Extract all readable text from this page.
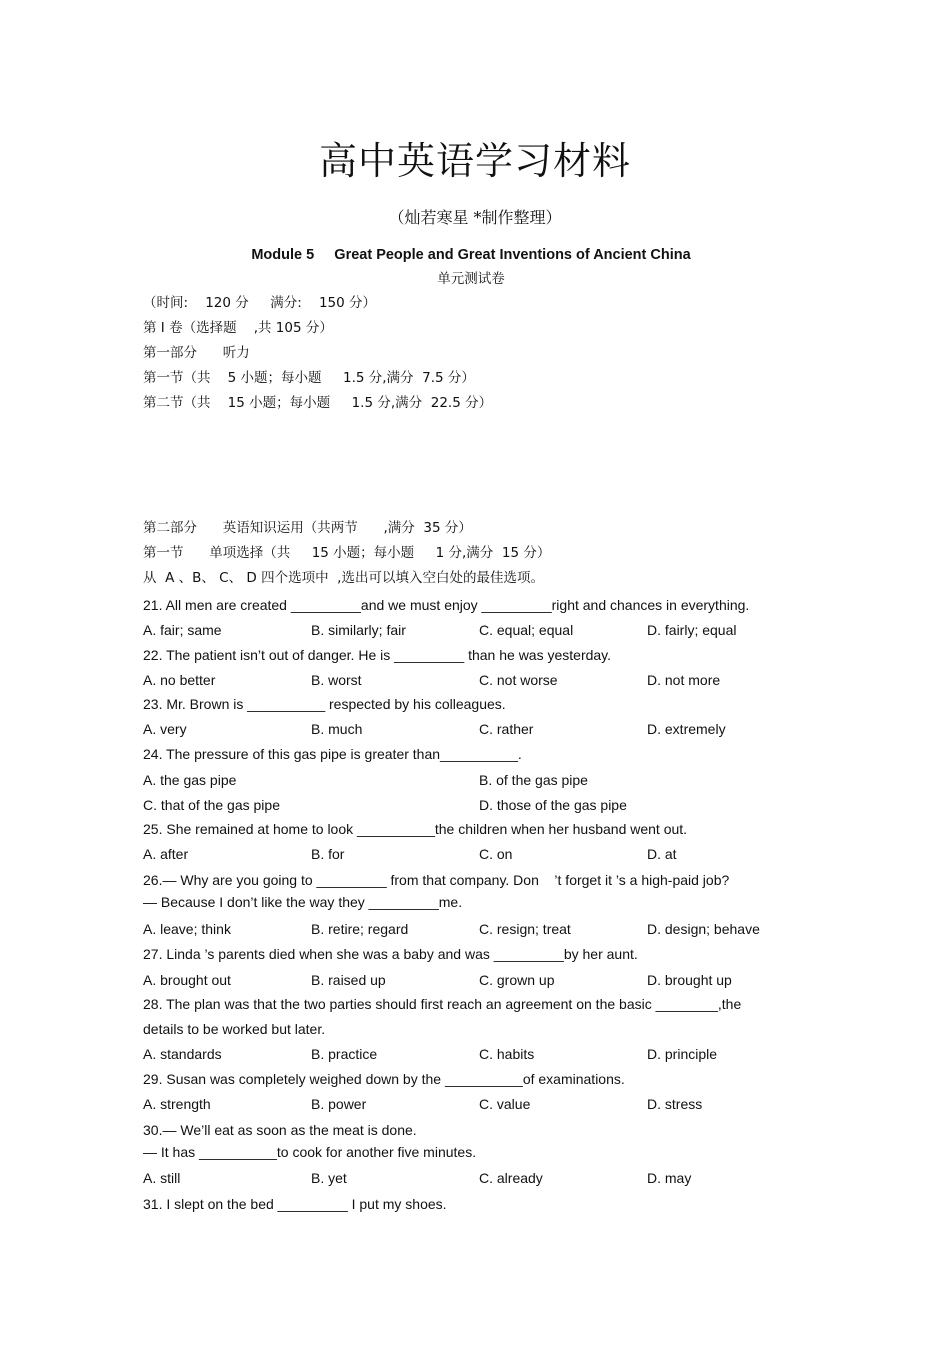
高中英语学习材料
（灿若寒星 *制作整理）
Module 5     Great People and Great Inventions of Ancient China
单元测试卷
（时间:    120 分     满分:    150 分）
第 I 卷（选择题    ,共 105 分）
第一部分      听力
第一节（共    5 小题；每小题     1.5 分,满分  7.5 分）
第二节（共    15 小题；每小题     1.5 分,满分  22.5 分）
第二部分      英语知识运用（共两节      ,满分  35 分）
第一节      单项选择（共     15 小题；每小题     1 分,满分  15 分）
从  A 、B、 C、 D 四个选项中  ,选出可以填入空白处的最佳选项。
21. All men are created _________and we must enjoy _________right and chances in everything.
A. fair; same	B. similarly; fair	C. equal; equal	D. fairly; equal
22. The patient isn’t out of danger. He is _________ than he was yesterday.
A. no better	B. worst	C. not worse	D. not more
23. Mr. Brown is __________ respected by his colleagues.
A. very	B. much	C. rather	D. extremely
24. The pressure of this gas pipe is greater than__________.
A. the gas pipe	B. of the gas pipe
C. that of the gas pipe	D. those of the gas pipe
25. She remained at home to look __________the children when her husband went out.
A. after	B. for	C. on	D. at
26.— Why are you going to _________ from that company. Don    ’t forget it ’s a high-paid job?
— Because I don’t like the way they _________me.
A. leave; think	B. retire; regard	C. resign; treat	D. design; behave
27. Linda ’s parents died when she was a baby and was _________by her aunt.
A. brought out	B. raised up	C. grown up	D. brought up
28. The plan was that the two parties should first reach an agreement on the basic ________,the
details to be worked but later.
A. standards	B. practice	C. habits	D. principle
29. Susan was completely weighed down by the __________of examinations.
A. strength	B. power	C. value	D. stress
30.— We’ll eat as soon as the meat is done.
— It has __________to cook for another five minutes.
A. still	B. yet	C. already	D. may
31. I slept on the bed _________ I put my shoes.
